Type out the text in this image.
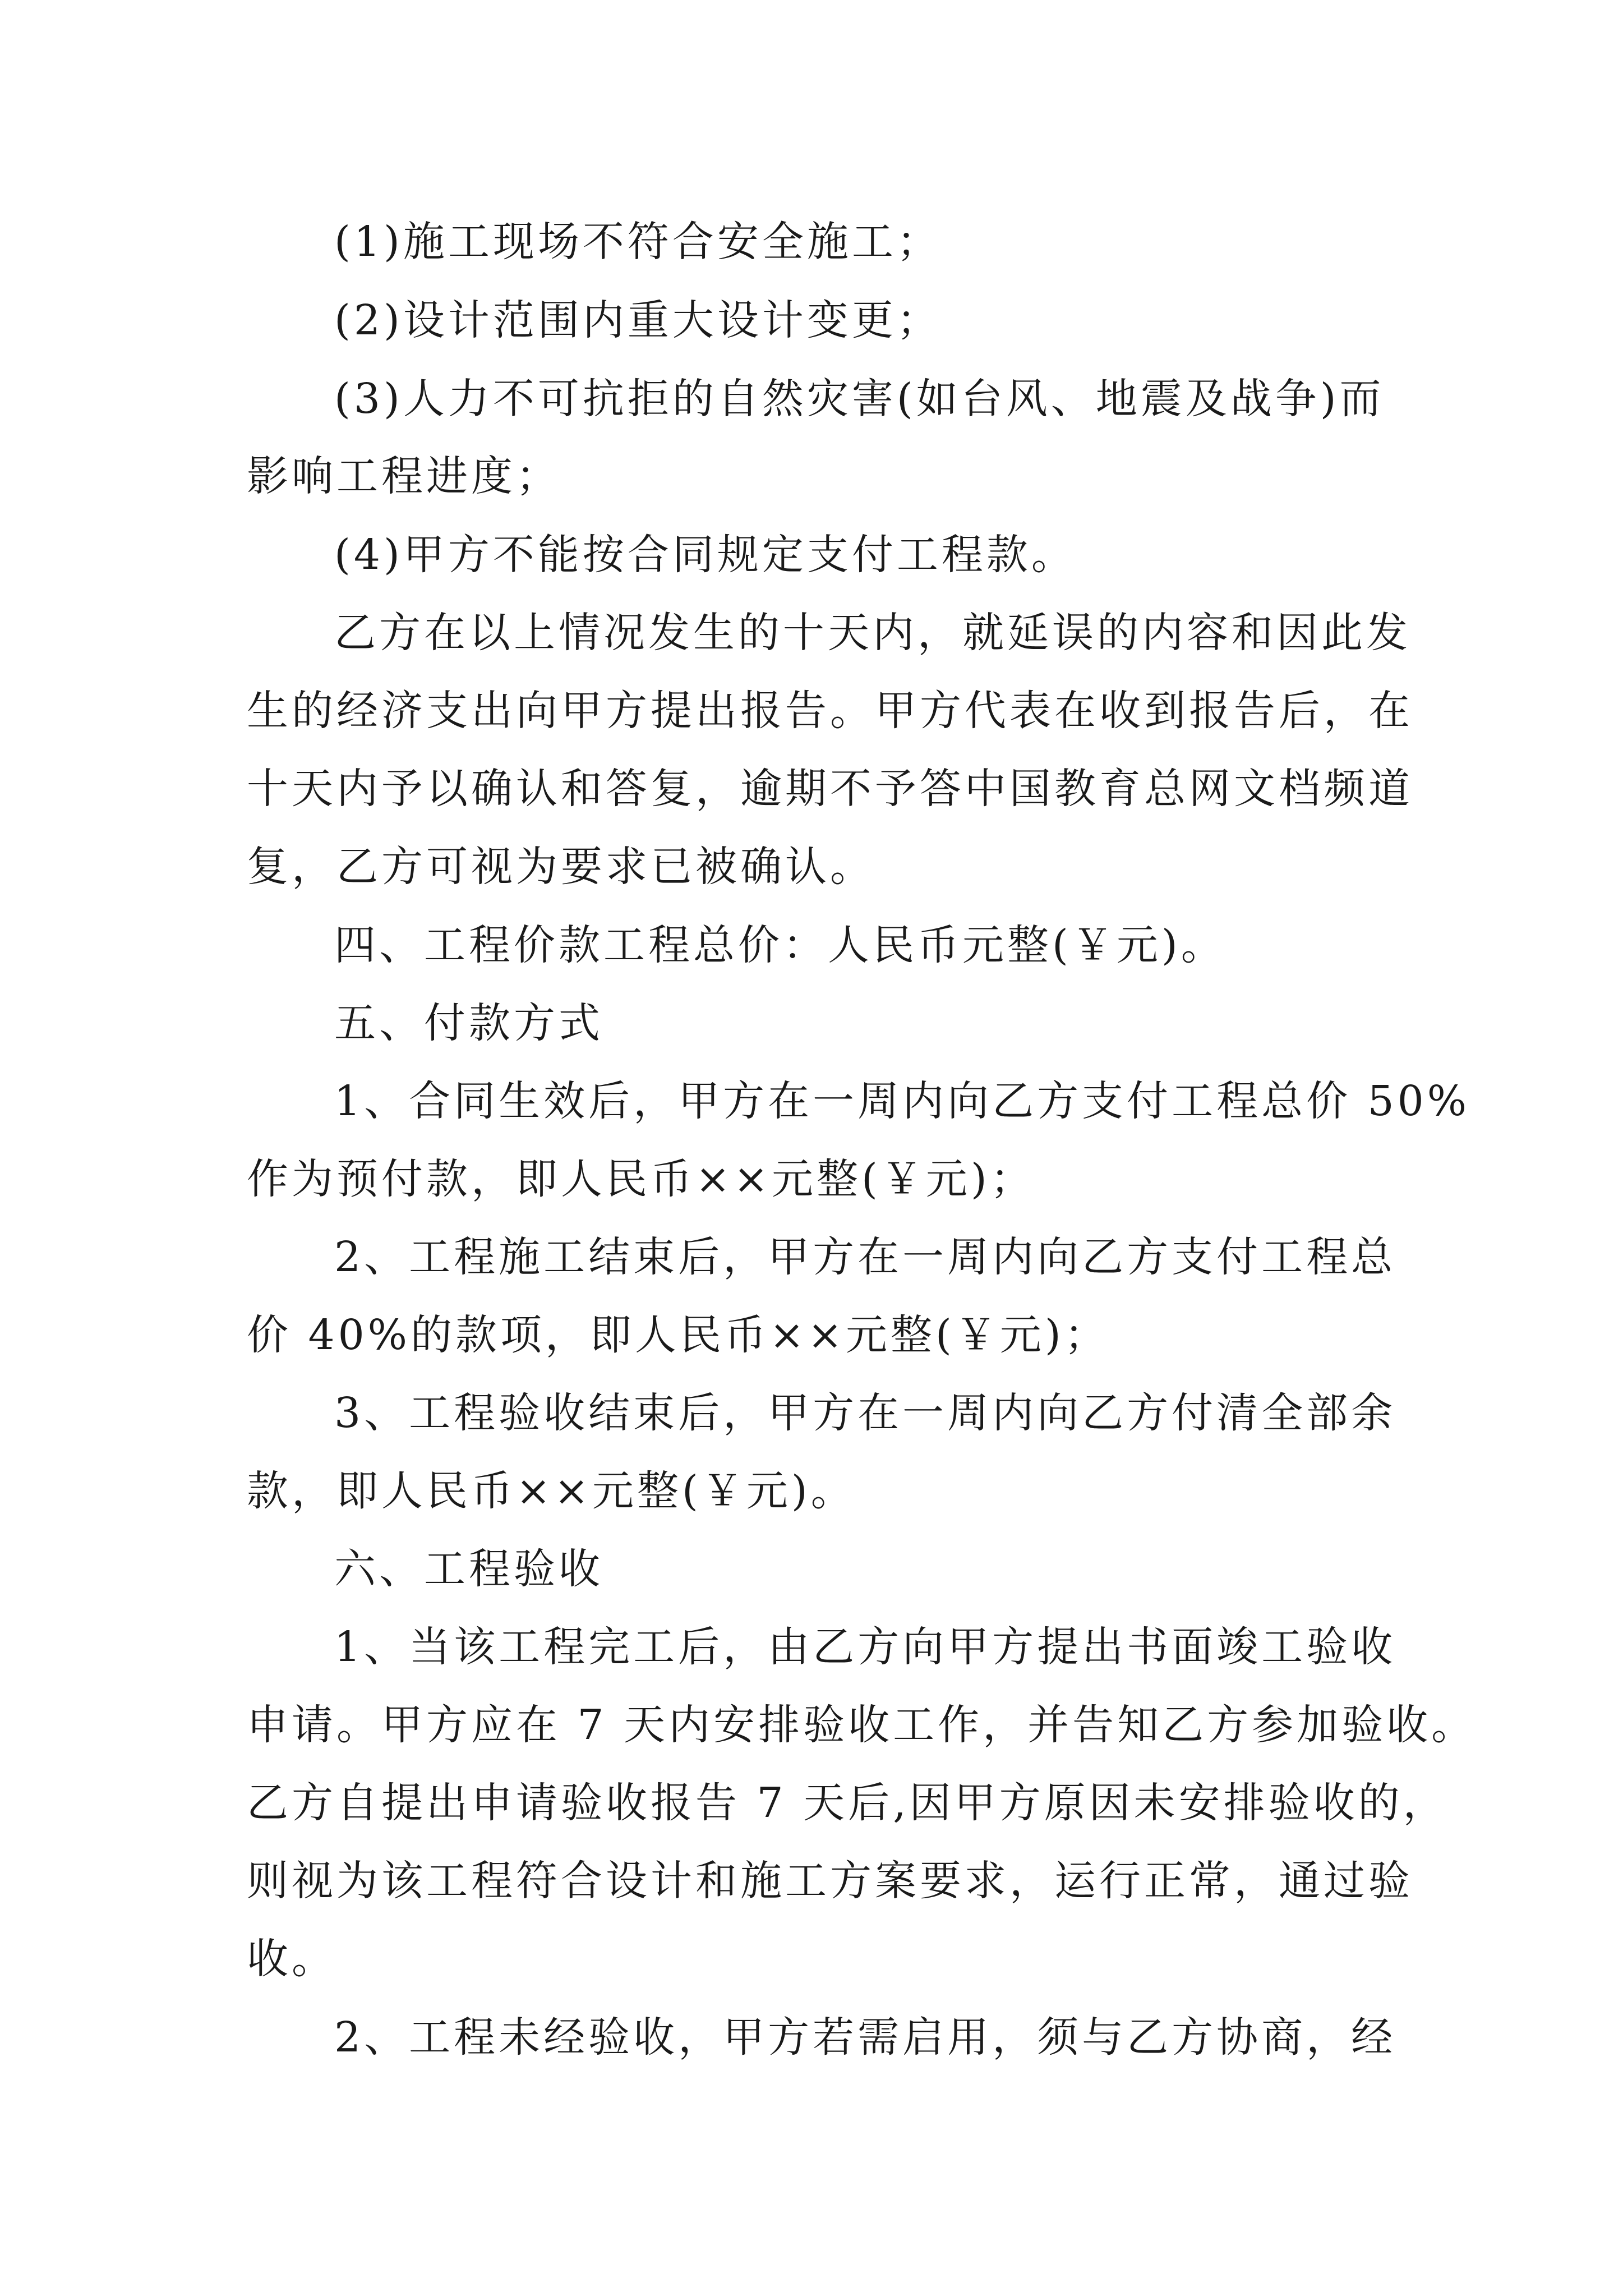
(1)施工现场不符合安全施工；
(2)设计范围内重大设计变更；
(3)人力不可抗拒的自然灾害(如台风、地震及战争)而
影响工程进度；
(4)甲方不能按合同规定支付工程款。
乙方在以上情况发生的十天内，就延误的内容和因此发
生的经济支出向甲方提出报告。甲方代表在收到报告后，在
十天内予以确认和答复，逾期不予答中国教育总网文档频道
复，乙方可视为要求已被确认。
四、工程价款工程总价：人民币元整(￥元)。
五、付款方式
1、合同生效后，甲方在一周内向乙方支付工程总价 50%
作为预付款，即人民币××元整(￥元)；
2、工程施工结束后，甲方在一周内向乙方支付工程总
价 40%的款项，即人民币××元整(￥元)；
3、工程验收结束后，甲方在一周内向乙方付清全部余
款，即人民币××元整(￥元)。
六、工程验收
1、当该工程完工后，由乙方向甲方提出书面竣工验收
申请。甲方应在 7 天内安排验收工作，并告知乙方参加验收。
乙方自提出申请验收报告 7 天后,因甲方原因未安排验收的，
则视为该工程符合设计和施工方案要求，运行正常，通过验
收。
2、工程未经验收，甲方若需启用，须与乙方协商，经
